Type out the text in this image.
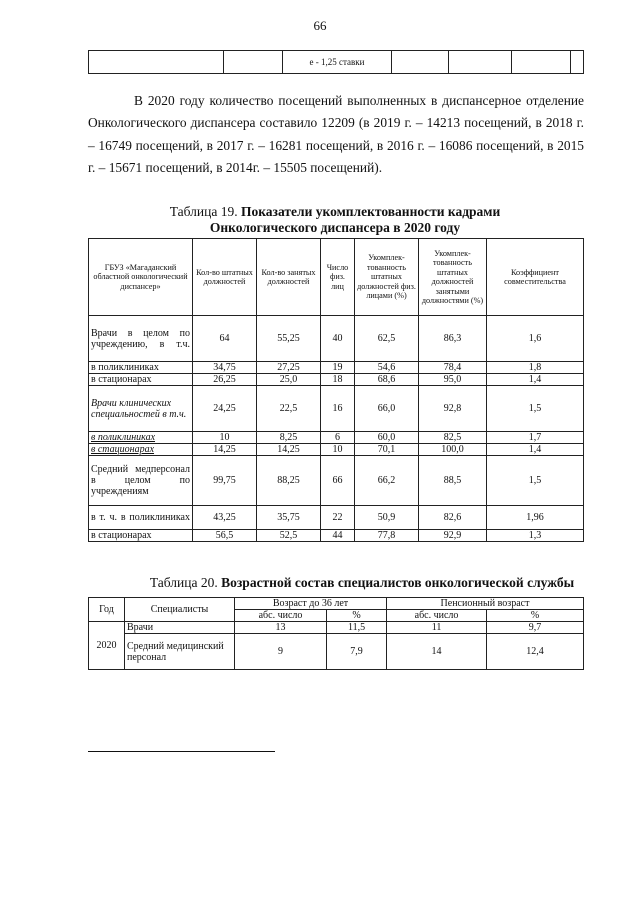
66
		е - 1,25 ставки				
В 2020 году количество посещений выполненных в диспансерное отделение Онкологического диспансера составило 12209 (в 2019 г. – 14213 посещений, в 2018 г. – 16749 посещений, в 2017 г. – 16281 посещений, в 2016 г. – 16086 посещений, в 2015 г. – 15671 посещений, в 2014г. – 15505 посещений).
Таблица 19. Показатели укомплектованности кадрами Онкологического диспансера в 2020 году
ГБУЗ «Магаданский областной онкологический диспансер»	Кол-во штатных должностей	Кол-во занятых должностей	Число физ. лиц	Укомплек-тованность штатных должностей физ. лицами (%)	Укомплек-тованность штатных должностей занятыми должностями (%)	Коэффициент совместительства
Врачи в целом по учреждению, в т.ч.	64	55,25	40	62,5	86,3	1,6
в поликлиниках	34,75	27,25	19	54,6	78,4	1,8
в стационарах	26,25	25,0	18	68,6	95,0	1,4
Врачи клинических специальностей в т.ч.	24,25	22,5	16	66,0	92,8	1,5
в поликлиниках	10	8,25	6	60,0	82,5	1,7
в стационарах	14,25	14,25	10	70,1	100,0	1,4
Средний медперсонал в целом по учреждениям	99,75	88,25	66	66,2	88,5	1,5
в т. ч. в поликлиниках	43,25	35,75	22	50,9	82,6	1,96
в стационарах	56,5	52,5	44	77,8	92,9	1,3
Таблица 20. Возрастной состав специалистов онкологической службы
Год	Специалисты	Возраст до 36 лет		Пенсионный возраст	
		абс. число	%	абс. число	%
2020	Врачи	13	11,5	11	9,7
	Средний медицинский персонал	9	7,9	14	12,4
